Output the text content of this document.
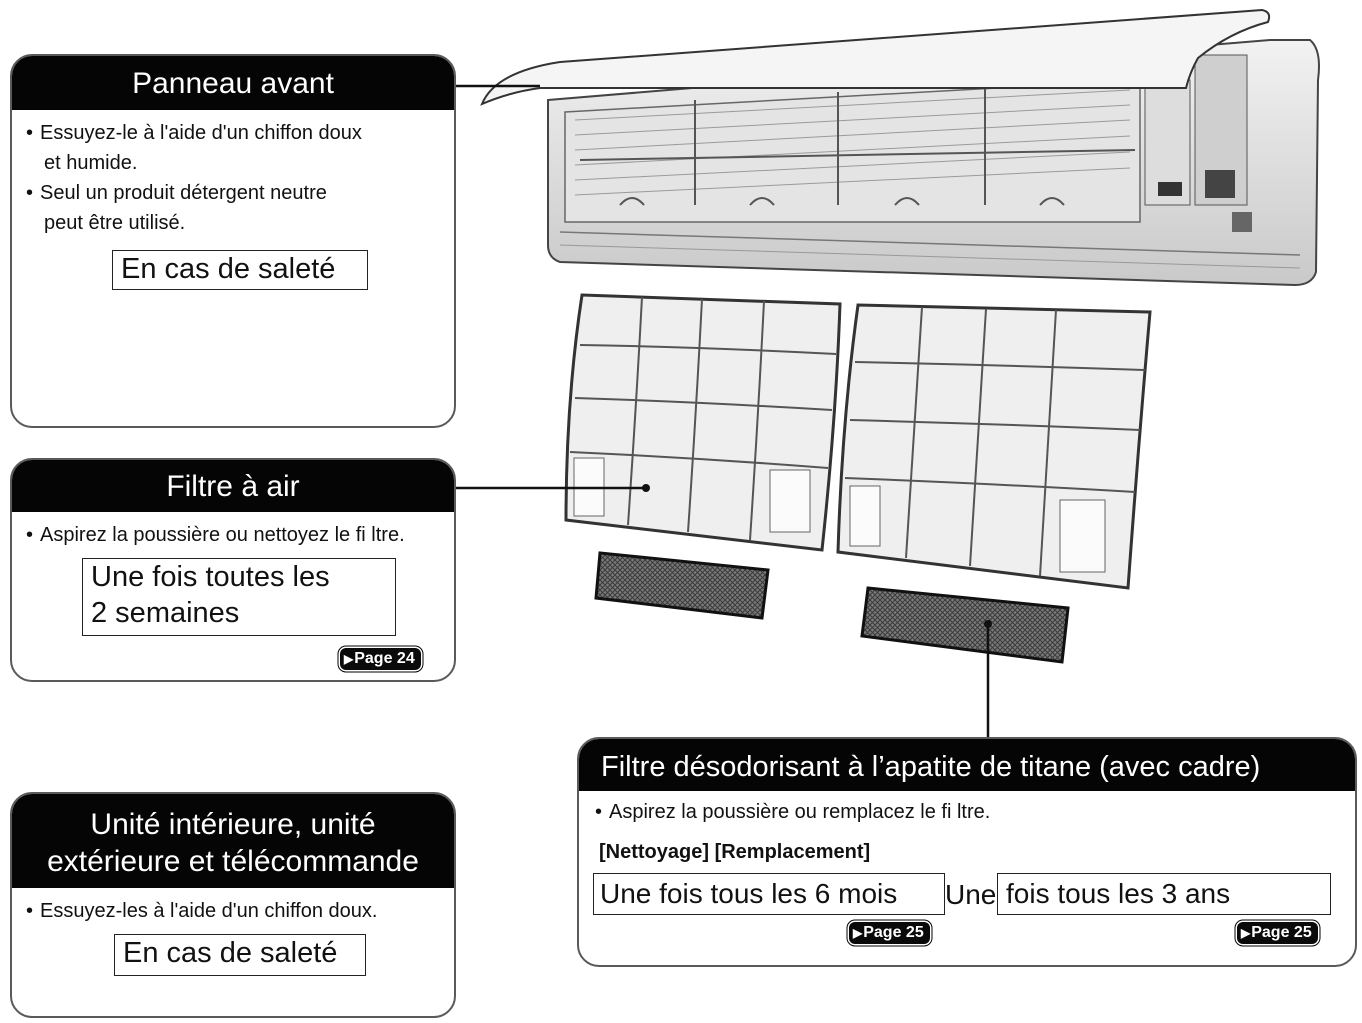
Panneau avant

• Essuyez-le à l'aide d'un chiffon doux
et humide.

• Seul un produit détergent neutre
peut être utilisé.

En cas de saleté
Filtre à air

• Aspirez la poussière ou nettoyez le fi ltre.

Une fois toutes les
2 semaines
▶Page 24
Unité intérieure, unité
extérieure et télécommande

• Essuyez-les à l'aide d'un chiffon doux.

En cas de saleté
Filtre désodorisant à l’apatite de titane (avec cadre)

• Aspirez la poussière ou remplacez le fi ltre.

[Nettoyage] [Remplacement]
Une fois tous les 6 mois	Une fois tous les 3 ans
▶Page 25	▶Page 25
